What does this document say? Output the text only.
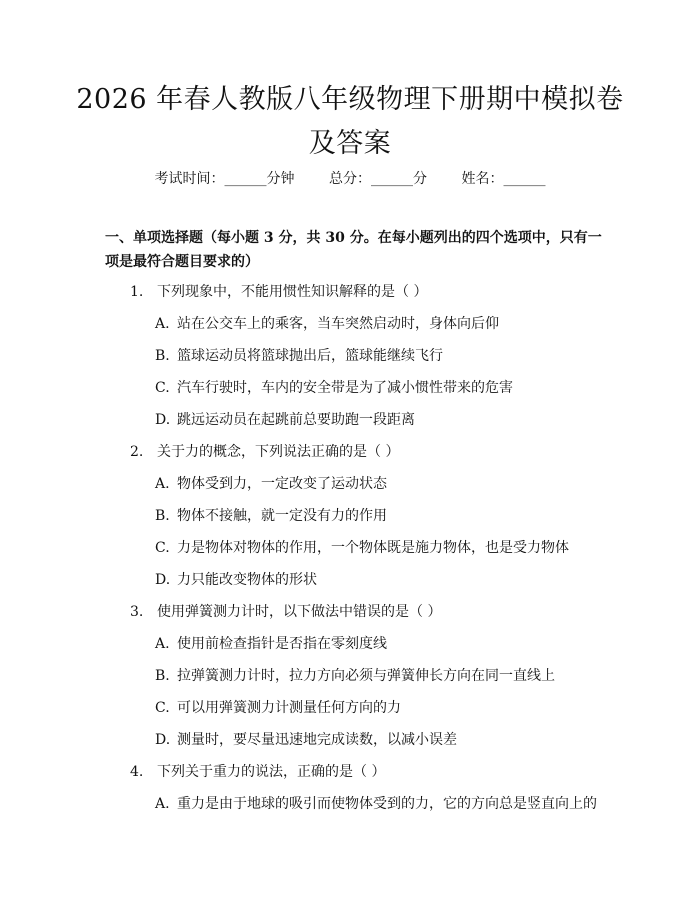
2026 年春人教版八年级物理下册期中模拟卷
及答案
考试时间：______分钟 总分：______分 姓名：______
一、单项选择题（每小题 3 分，共 30 分。在每小题列出的四个选项中，只有一项是最符合题目要求的）
1. 下列现象中，不能用惯性知识解释的是（ ）
A. 站在公交车上的乘客，当车突然启动时，身体向后仰
B. 篮球运动员将篮球抛出后，篮球能继续飞行
C. 汽车行驶时，车内的安全带是为了减小惯性带来的危害
D. 跳远运动员在起跳前总要助跑一段距离
2. 关于力的概念，下列说法正确的是（ ）
A. 物体受到力，一定改变了运动状态
B. 物体不接触，就一定没有力的作用
C. 力是物体对物体的作用，一个物体既是施力物体，也是受力物体
D. 力只能改变物体的形状
3. 使用弹簧测力计时，以下做法中错误的是（ ）
A. 使用前检查指针是否指在零刻度线
B. 拉弹簧测力计时，拉力方向必须与弹簧伸长方向在同一直线上
C. 可以用弹簧测力计测量任何方向的力
D. 测量时，要尽量迅速地完成读数，以减小误差
4. 下列关于重力的说法，正确的是（ ）
A. 重力是由于地球的吸引而使物体受到的力，它的方向总是竖直向上的
